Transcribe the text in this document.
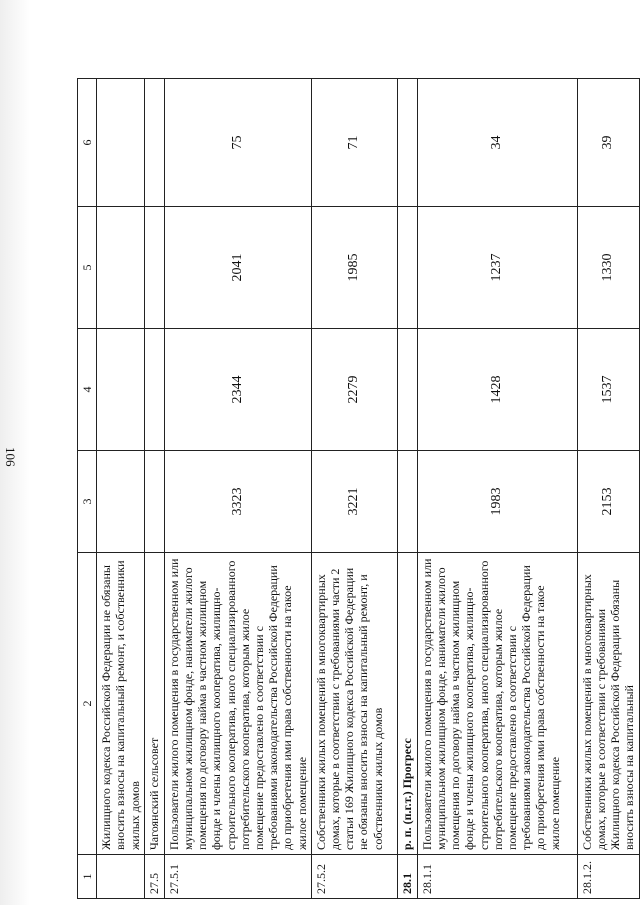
106
1	2	3	4	5	6
	Жилищного кодекса Российской Федерации не обязаны вносить взносы на капитальный ремонт, и собственники жилых домов				
27.5	Чагоянский сельсовет				
27.5.1	Пользователи жилого помещения в государственном или муниципальном жилищном фонде, наниматели жилого помещения по договору найма в частном жилищном фонде и члены жилищного кооператива, жилищно-строительного кооператива, иного специализированного потребительского кооператива, которым жилое помещение предоставлено в соответствии с требованиями законодательства Российской Федерации до приобретения ими права собственности на такое жилое помещение	3323	2344	2041	75
27.5.2	Собственники жилых помещений в многоквартирных домах, которые в соответствии с требованиями части 2 статьи 169 Жилищного кодекса Российской Федерации не обязаны вносить взносы на капитальный ремонт, и собственники жилых домов	3221	2279	1985	71
28.1	р. п. (п.г.т.) Прогресс				
28.1.1	Пользователи жилого помещения в государственном или муниципальном жилищном фонде, наниматели жилого помещения по договору найма в частном жилищном фонде и члены жилищного кооператива, жилищно-строительного кооператива, иного специализированного потребительского кооператива, которым жилое помещение предоставлено в соответствии с требованиями законодательства Российской Федерации до приобретения ими права собственности на такое жилое помещение	1983	1428	1237	34
28.1.2.	Собственники жилых помещений в многоквартирных домах, которые в соответствии с требованиями Жилищного кодекса Российской Федерации обязаны вносить взносы на капитальный	2153	1537	1330	39
